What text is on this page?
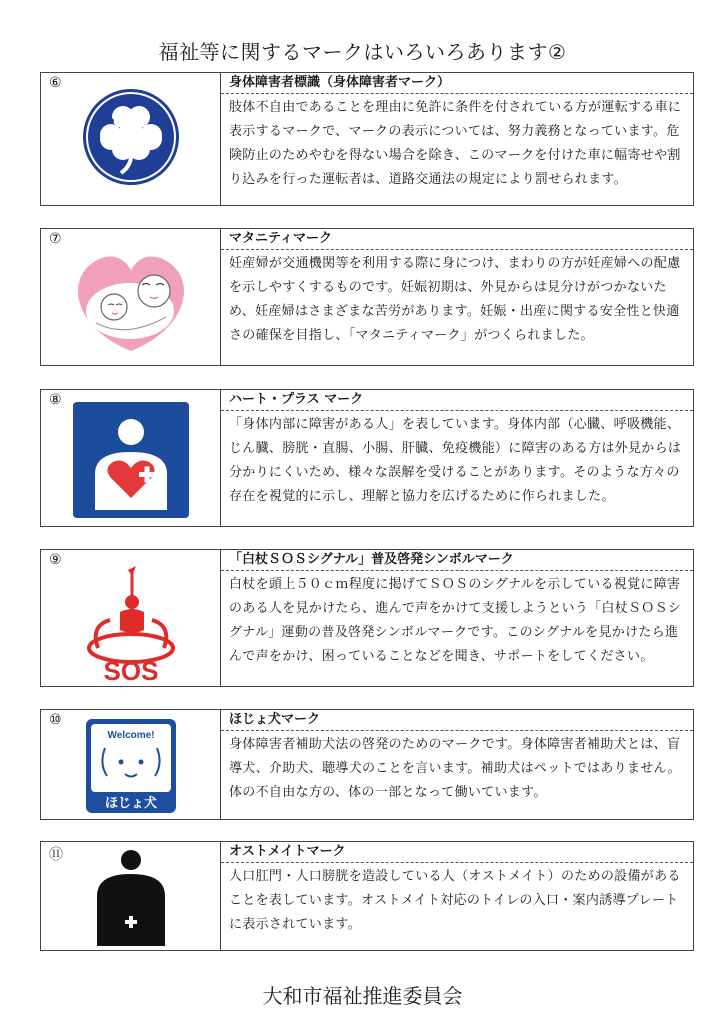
福祉等に関するマークはいろいろあります②
⑥	身体障害者標識（身体障害者マーク）
肢体不自由であることを理由に免許に条件を付されている方が運転する車に表示するマークで、マークの表示については、努力義務となっています。危険防止のためやむを得ない場合を除き、このマークを付けた車に幅寄せや割り込みを行った運転者は、道路交通法の規定により罰せられます。
⑦	マタニティマーク
妊産婦が交通機関等を利用する際に身につけ、まわりの方が妊産婦への配慮を示しやすくするものです。妊娠初期は、外見からは見分けがつかないため、妊産婦はさまざまな苦労があります。妊娠・出産に関する安全性と快適さの確保を目指し、「マタニティマーク」がつくられました。
⑧	ハート・プラス マーク
「身体内部に障害がある人」を表しています。身体内部（心臓、呼吸機能、じん臓、膀胱・直腸、小腸、肝臓、免疫機能）に障害のある方は外見からは分かりにくいため、様々な誤解を受けることがあります。そのような方々の存在を視覚的に示し、理解と協力を広げるために作られました。
⑨
SOS
「白杖ＳＯＳシグナル」普及啓発シンボルマーク
白杖を頭上５０ｃｍ程度に掲げてＳＯＳのシグナルを示している視覚に障害のある人を見かけたら、進んで声をかけて支援しようという「白杖ＳＯＳシグナル」運動の普及啓発シンボルマークです。このシグナルを見かけたら進んで声をかけ、困っていることなどを聞き、サポートをしてください。
⑩
Welcome!
ほじょ犬
ほじょ犬マーク
身体障害者補助犬法の啓発のためのマークです。身体障害者補助犬とは、盲導犬、介助犬、聴導犬のことを言います。補助犬はペットではありません。体の不自由な方の、体の一部となって働いています。
⑪	オストメイトマーク
人口肛門・人口膀胱を造設している人（オストメイト）のための設備があることを表しています。オストメイト対応のトイレの入口・案内誘導プレートに表示されています。
大和市福祉推進委員会
